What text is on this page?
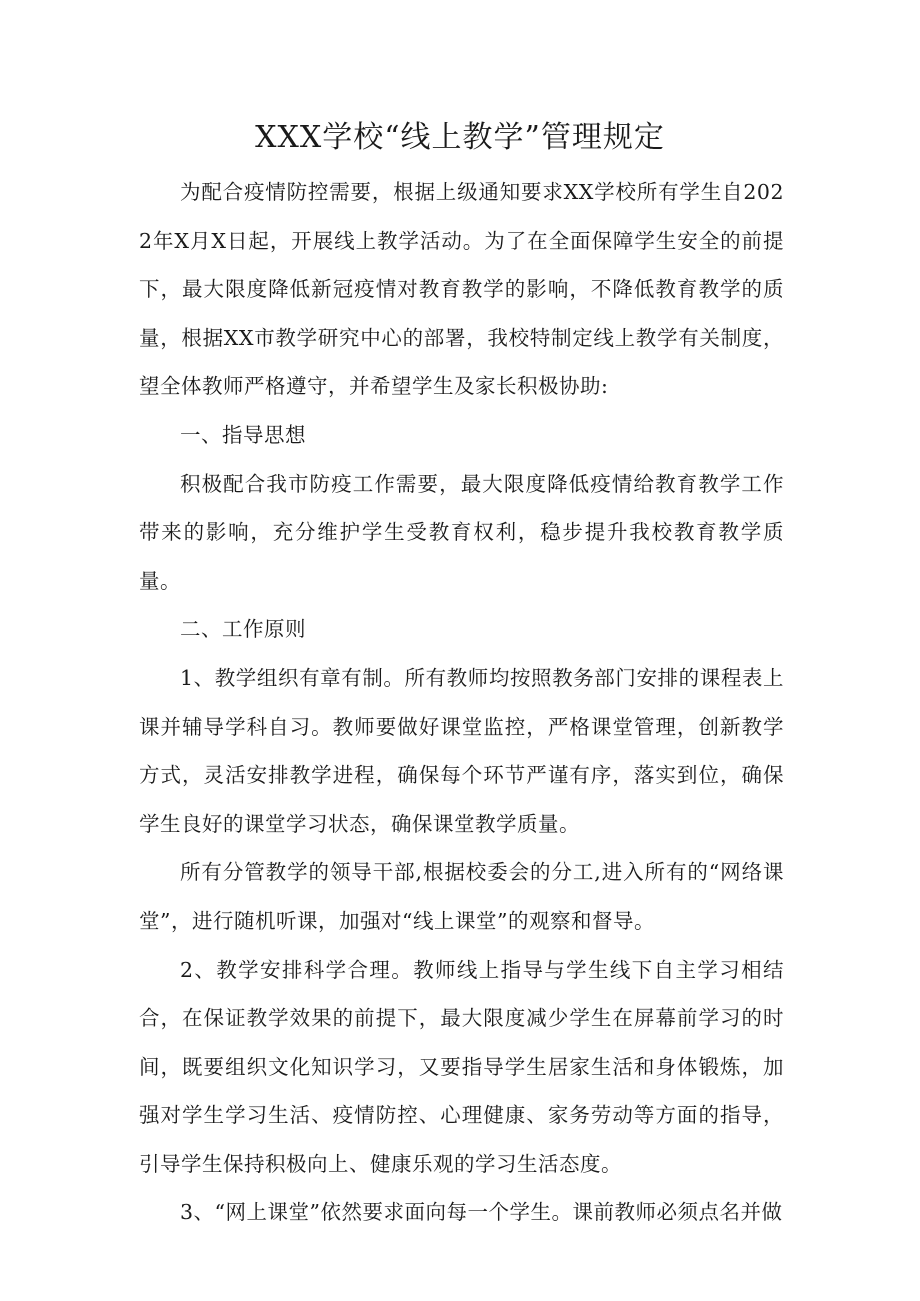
XXX学校“线上教学”管理规定

为配合疫情防控需要，根据上级通知要求XX学校所有学生自2022年X月X日起，开展线上教学活动。为了在全面保障学生安全的前提下，最大限度降低新冠疫情对教育教学的影响，不降低教育教学的质量，根据XX市教学研究中心的部署，我校特制定线上教学有关制度，望全体教师严格遵守，并希望学生及家长积极协助:

一、指导思想

积极配合我市防疫工作需要，最大限度降低疫情给教育教学工作带来的影响，充分维护学生受教育权利，稳步提升我校教育教学质量。

二、工作原则

1、教学组织有章有制。所有教师均按照教务部门安排的课程表上课并辅导学科自习。教师要做好课堂监控，严格课堂管理，创新教学方式，灵活安排教学进程，确保每个环节严谨有序，落实到位，确保学生良好的课堂学习状态，确保课堂教学质量。

所有分管教学的领导干部,根据校委会的分工,进入所有的“网络课堂”，进行随机听课，加强对“线上课堂”的观察和督导。

2、教学安排科学合理。教师线上指导与学生线下自主学习相结合，在保证教学效果的前提下，最大限度减少学生在屏幕前学习的时间，既要组织文化知识学习，又要指导学生居家生活和身体锻炼，加强对学生学习生活、疫情防控、心理健康、家务劳动等方面的指导，引导学生保持积极向上、健康乐观的学习生活态度。

3、“网上课堂”依然要求面向每一个学生。课前教师必须点名并做
